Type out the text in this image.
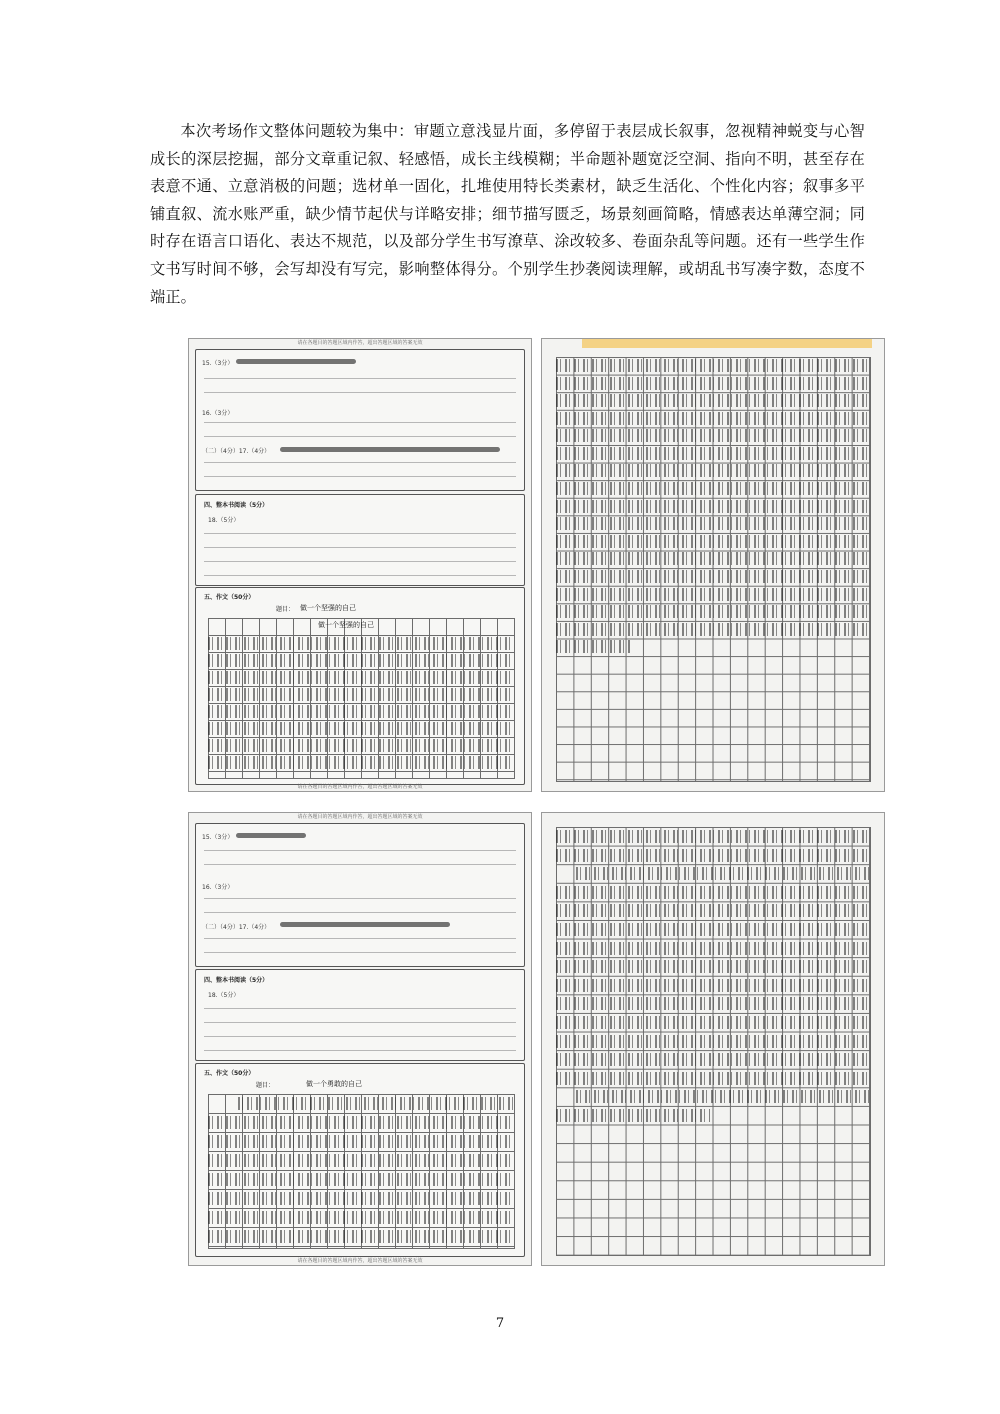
本次考场作文整体问题较为集中：审题立意浅显片面，多停留于表层成长叙事，忽视精神蜕变与心智成长的深层挖掘，部分文章重记叙、轻感悟，成长主线模糊；半命题补题宽泛空洞、指向不明，甚至存在表意不通、立意消极的问题；选材单一固化，扎堆使用特长类素材，缺乏生活化、个性化内容；叙事多平铺直叙、流水账严重，缺少情节起伏与详略安排；细节描写匮乏，场景刻画简略，情感表达单薄空洞；同时存在语言口语化、表达不规范，以及部分学生书写潦草、涂改较多、卷面杂乱等问题。还有一些学生作文书写时间不够，会写却没有写完，影响整体得分。个别学生抄袭阅读理解，或胡乱书写凑字数，态度不端正。

请在各题目的答题区域内作答，超出答题区域的答案无效
15.（3分）
16.（3分）
（二）（4分）17.（4分）
四、整本书阅读（5分）
18.（5分）
五、作文（50分）
题目： 做一个坚强的自己
做一个坚强的自己
请在各题目的答题区域内作答，超出答题区域的答案无效
请在各题目的答题区域内作答，超出答题区域的答案无效
15.（3分）
16.（3分）
（二）（4分）17.（4分）
四、整本书阅读（5分）
18.（5分）
五、作文（50分）
题目：	做一个勇敢的自己
请在各题目的答题区域内作答，超出答题区域的答案无效
7
